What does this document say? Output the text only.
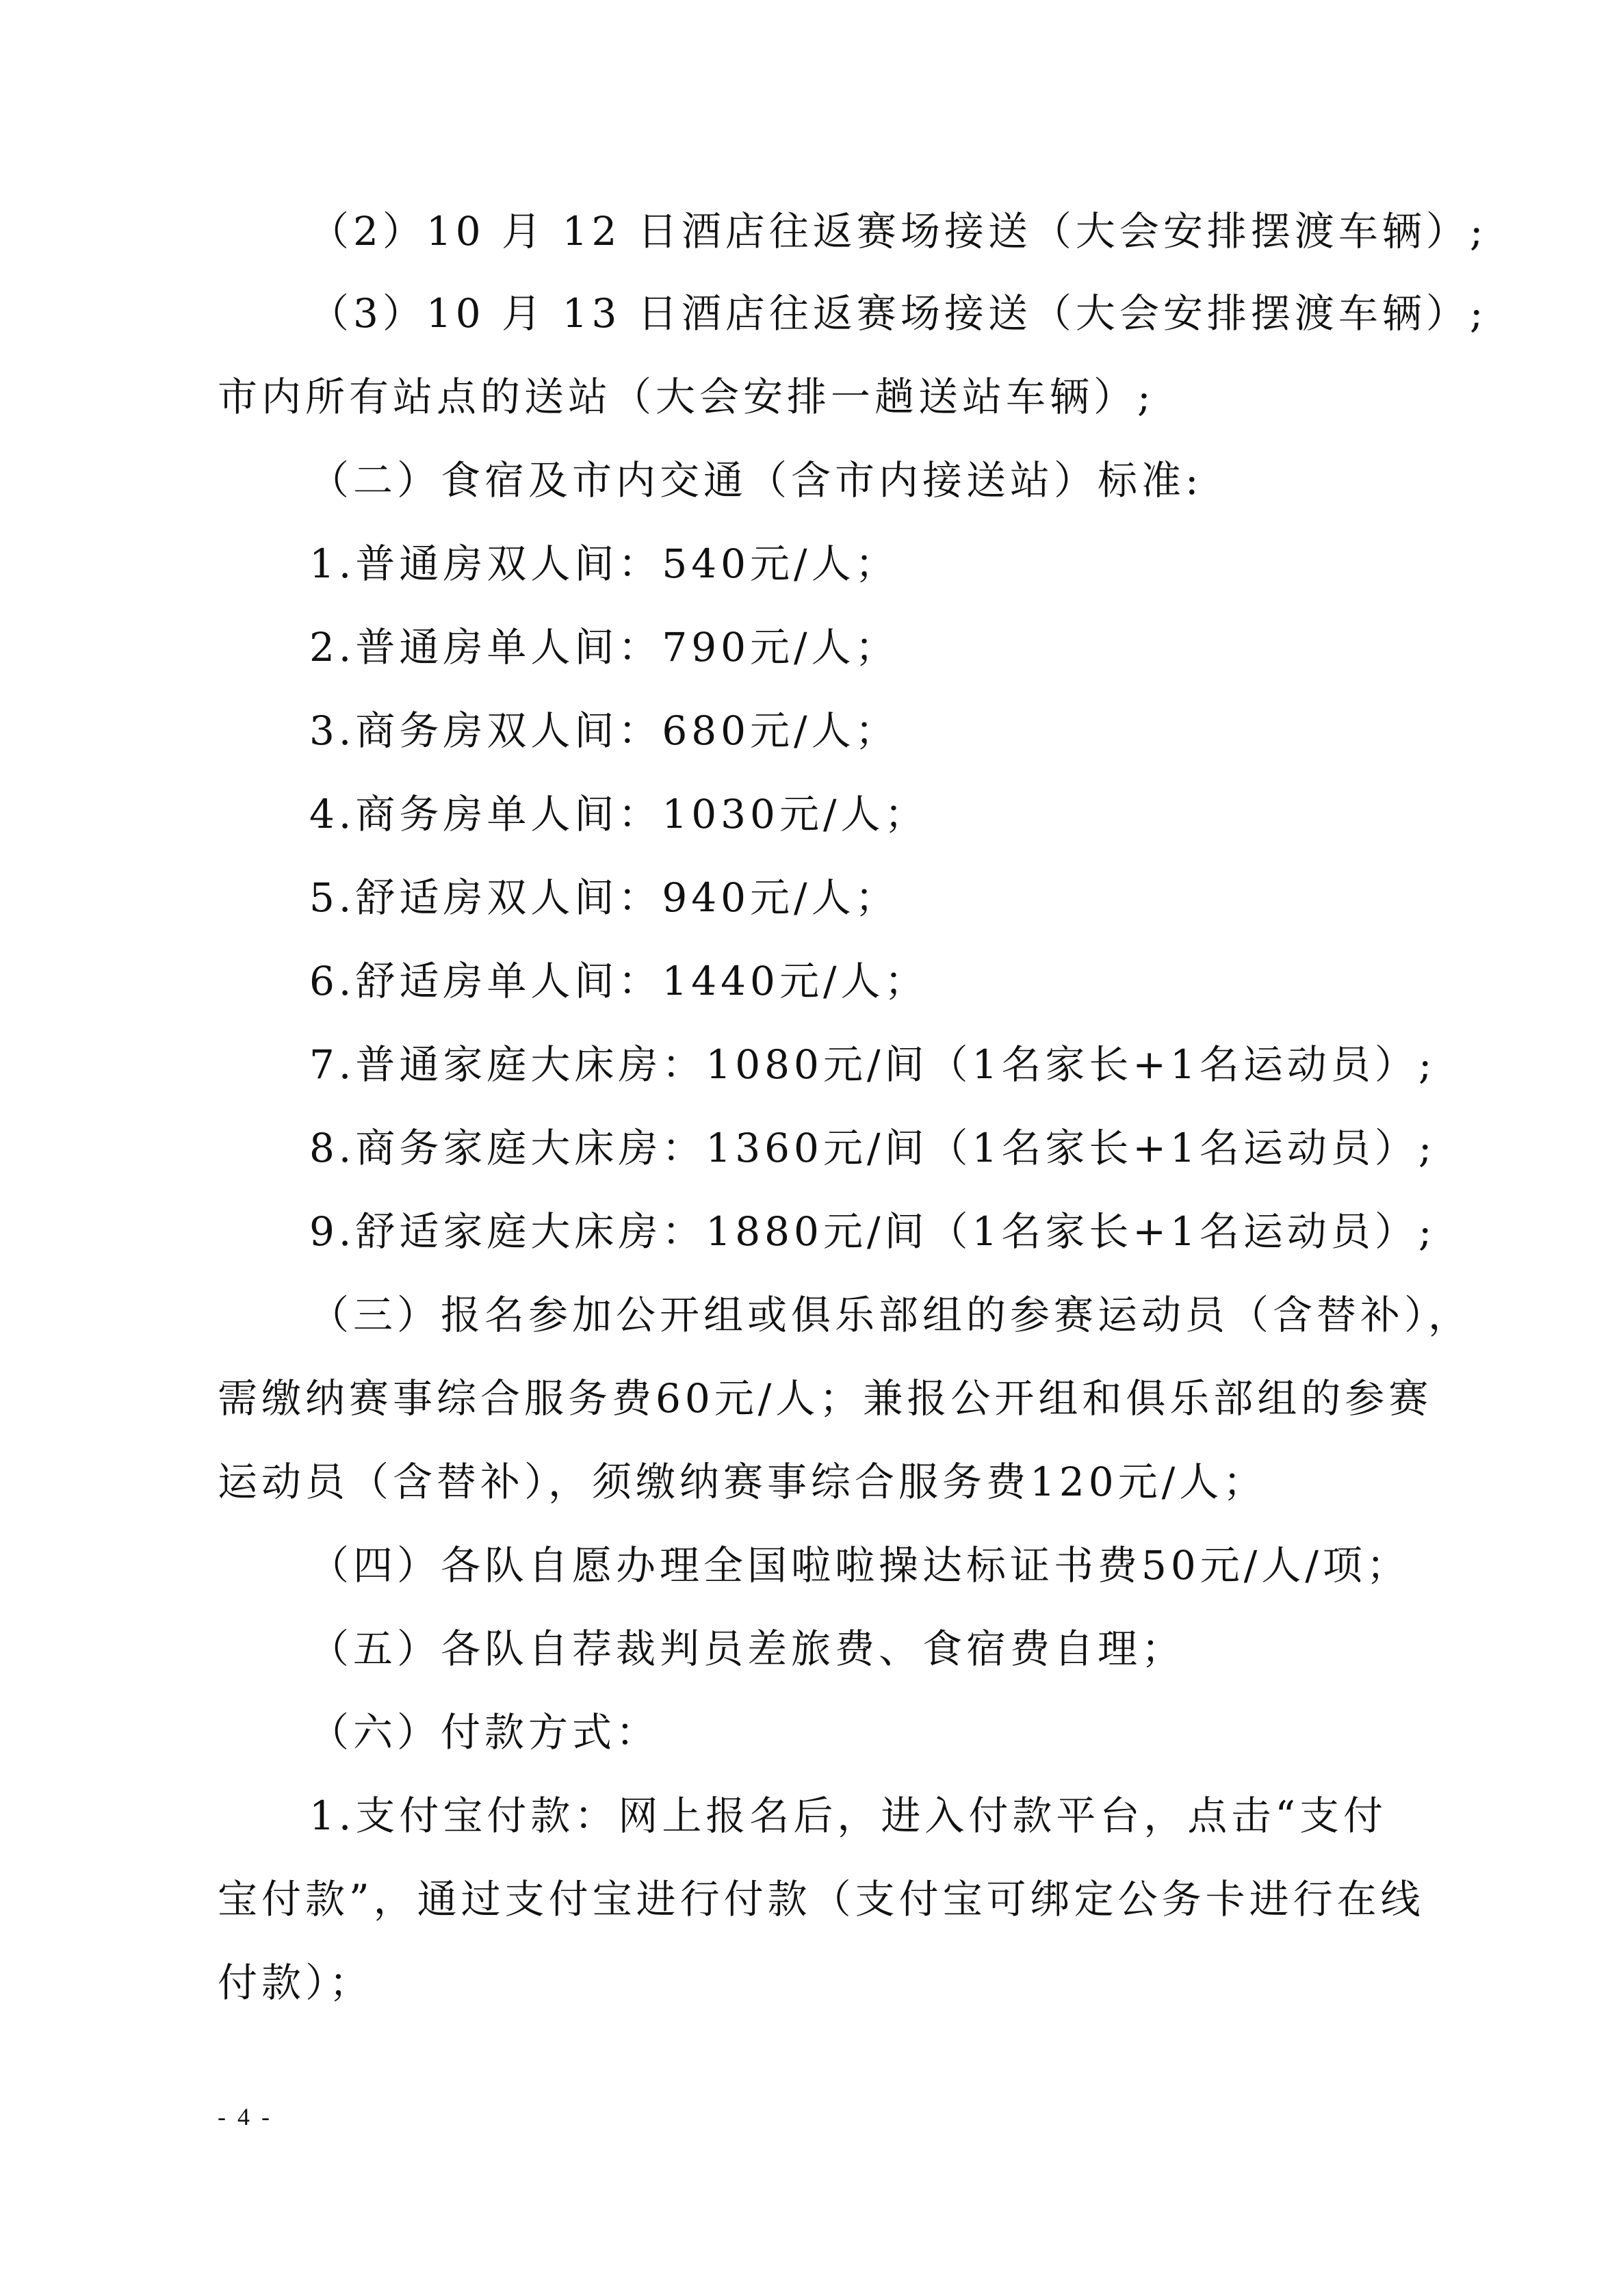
（2）10 月 12 日酒店往返赛场接送（大会安排摆渡车辆）;
（3）10 月 13 日酒店往返赛场接送（大会安排摆渡车辆）;
市内所有站点的送站（大会安排一趟送站车辆）;
（二）食宿及市内交通（含市内接送站）标准:
1.普通房双人间：540元/人；
2.普通房单人间：790元/人；
3.商务房双人间：680元/人；
4.商务房单人间：1030元/人；
5.舒适房双人间：940元/人；
6.舒适房单人间：1440元/人；
7.普通家庭大床房：1080元/间（1名家长+1名运动员）;
8.商务家庭大床房：1360元/间（1名家长+1名运动员）;
9.舒适家庭大床房：1880元/间（1名家长+1名运动员）;
（三）报名参加公开组或俱乐部组的参赛运动员（含替补），
需缴纳赛事综合服务费60元/人；兼报公开组和俱乐部组的参赛
运动员（含替补），须缴纳赛事综合服务费120元/人；
（四）各队自愿办理全国啦啦操达标证书费50元/人/项；
（五）各队自荐裁判员差旅费、食宿费自理；
（六）付款方式：
1.支付宝付款：网上报名后，进入付款平台，点击“支付
宝付款”，通过支付宝进行付款（支付宝可绑定公务卡进行在线
付款）；
- 4 -
